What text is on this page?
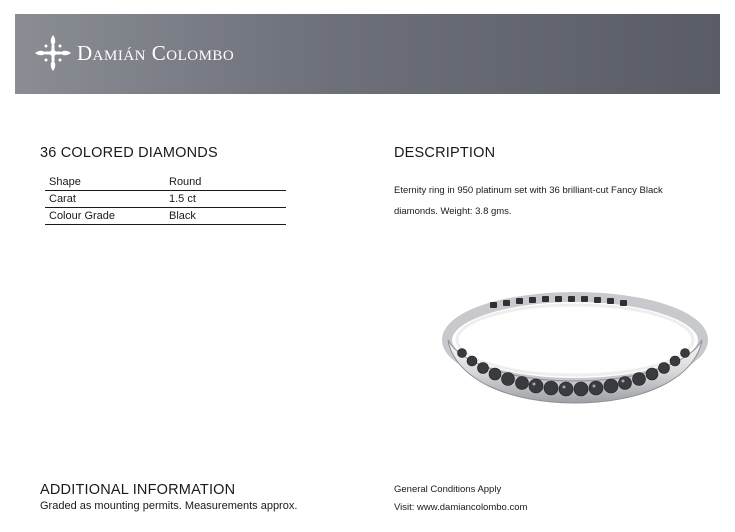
Damián Colombo
36 COLORED DIAMONDS
Shape	Round
Carat	1.5 ct
Colour Grade	Black
DESCRIPTION
Eternity ring in 950 platinum set with 36 brilliant-cut Fancy Black diamonds. Weight: 3.8 gms.
ADDITIONAL INFORMATION
Graded as mounting permits. Measurements approx.
General Conditions Apply
Visit: www.damiancolombo.com
